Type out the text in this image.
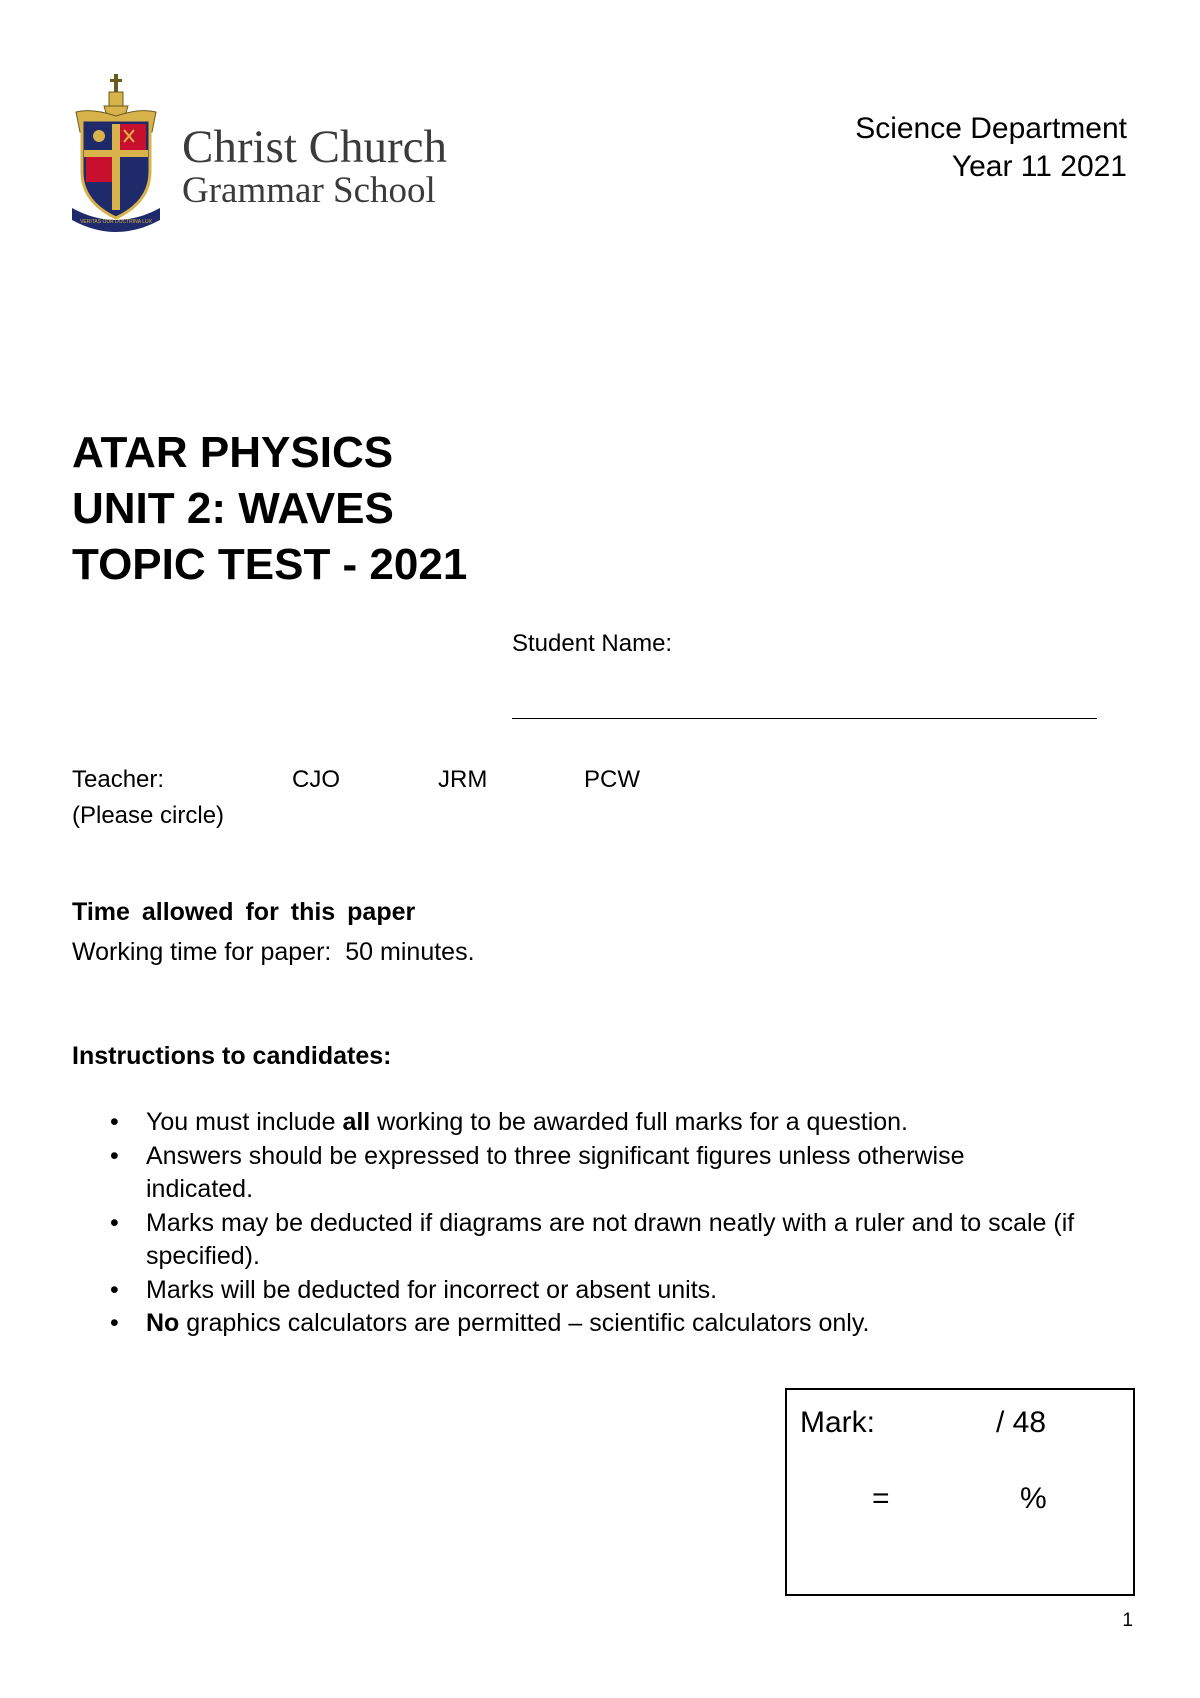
VERITAS OUR DOCTRINA LUX
Christ Church
Grammar School
Science Department
Year 11 2021
ATAR PHYSICS
UNIT 2: WAVES
TOPIC TEST - 2021
Student Name:
Teacher:
(Please circle)
CJO	JRM	PCW
Time allowed for this paper
Working time for paper: 50 minutes.
Instructions to candidates:
• You must include all working to be awarded full marks for a question.
• Answers should be expressed to three significant figures unless otherwise indicated.
• Marks may be deducted if diagrams are not drawn neatly with a ruler and to scale (if specified).
• Marks will be deducted for incorrect or absent units.
• No graphics calculators are permitted – scientific calculators only.
Mark:	/ 48
=	%
1
